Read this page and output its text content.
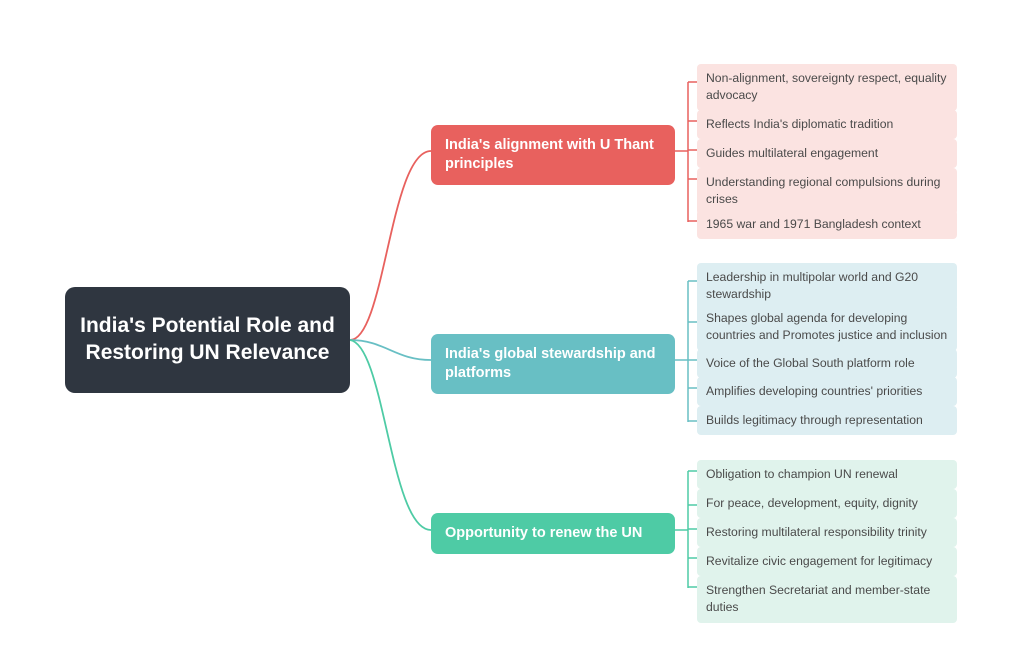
India's Potential Role and Restoring UN Relevance
India's alignment with U Thant principles
Non-alignment, sovereignty respect, equality advocacy
Reflects India's diplomatic tradition
Guides multilateral engagement
Understanding regional compulsions during crises
1965 war and 1971 Bangladesh context
India's global stewardship and platforms
Leadership in multipolar world and G20 stewardship
Shapes global agenda for developing countries and Promotes justice and inclusion
Voice of the Global South platform role
Amplifies developing countries' priorities
Builds legitimacy through representation
Opportunity to renew the UN
Obligation to champion UN renewal
For peace, development, equity, dignity
Restoring multilateral responsibility trinity
Revitalize civic engagement for legitimacy
Strengthen Secretariat and member-state duties
